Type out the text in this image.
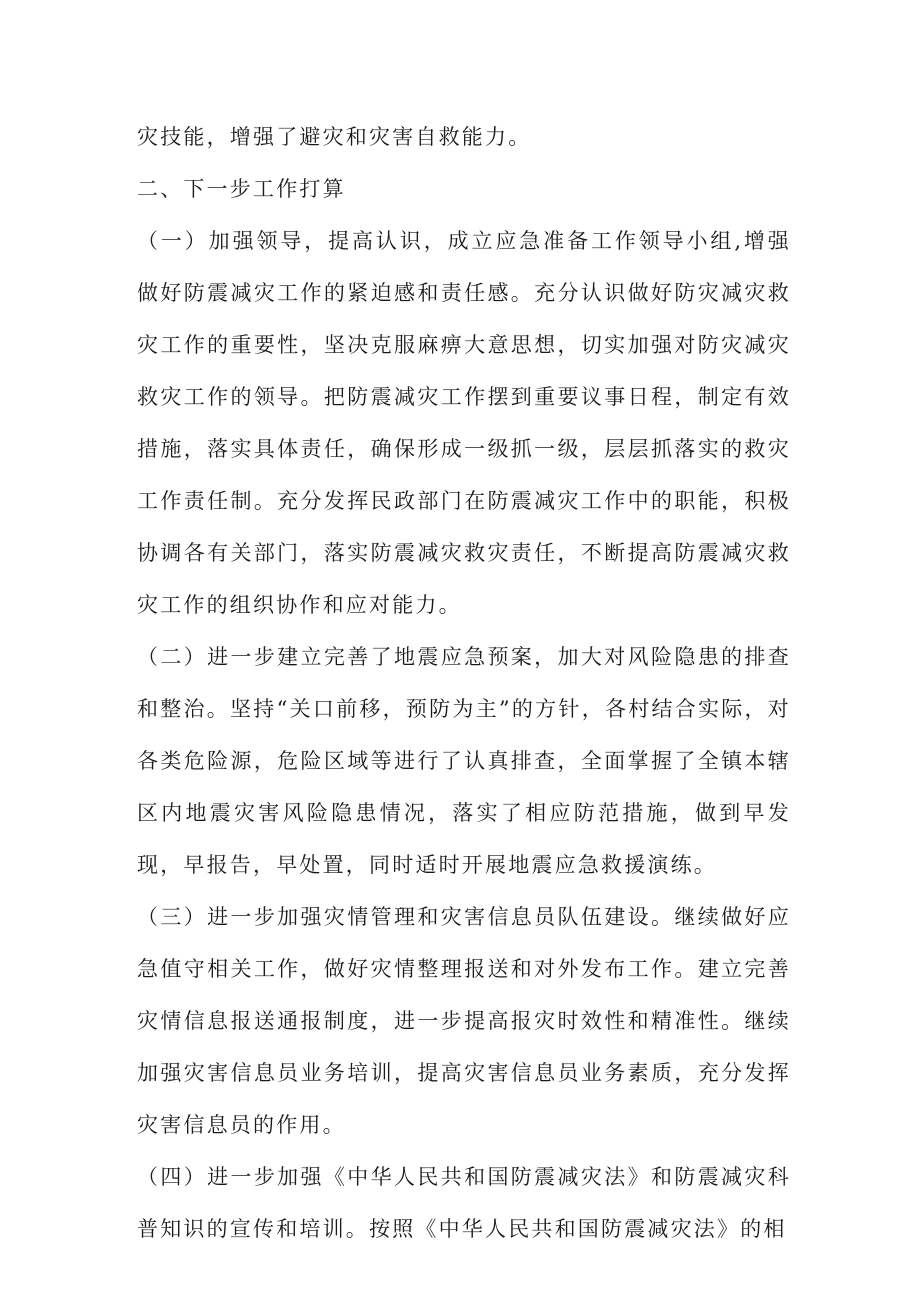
灾技能，增强了避灾和灾害自救能力。

二、下一步工作打算

（一）加强领导，提高认识，成立应急准备工作领导小组,增强做好防震减灾工作的紧迫感和责任感。充分认识做好防灾减灾救灾工作的重要性，坚决克服麻痹大意思想，切实加强对防灾减灾救灾工作的领导。把防震减灾工作摆到重要议事日程，制定有效措施，落实具体责任，确保形成一级抓一级，层层抓落实的救灾工作责任制。充分发挥民政部门在防震减灾工作中的职能，积极协调各有关部门，落实防震减灾救灾责任，不断提高防震减灾救灾工作的组织协作和应对能力。

（二）进一步建立完善了地震应急预案，加大对风险隐患的排查和整治。坚持“关口前移，预防为主”的方针，各村结合实际，对各类危险源，危险区域等进行了认真排查，全面掌握了全镇本辖区内地震灾害风险隐患情况，落实了相应防范措施，做到早发现，早报告，早处置，同时适时开展地震应急救援演练。

（三）进一步加强灾情管理和灾害信息员队伍建设。继续做好应急值守相关工作，做好灾情整理报送和对外发布工作。建立完善灾情信息报送通报制度，进一步提高报灾时效性和精准性。继续加强灾害信息员业务培训，提高灾害信息员业务素质，充分发挥灾害信息员的作用。

（四）进一步加强《中华人民共和国防震减灾法》和防震减灾科普知识的宣传和培训。按照《中华人民共和国防震减灾法》的相
